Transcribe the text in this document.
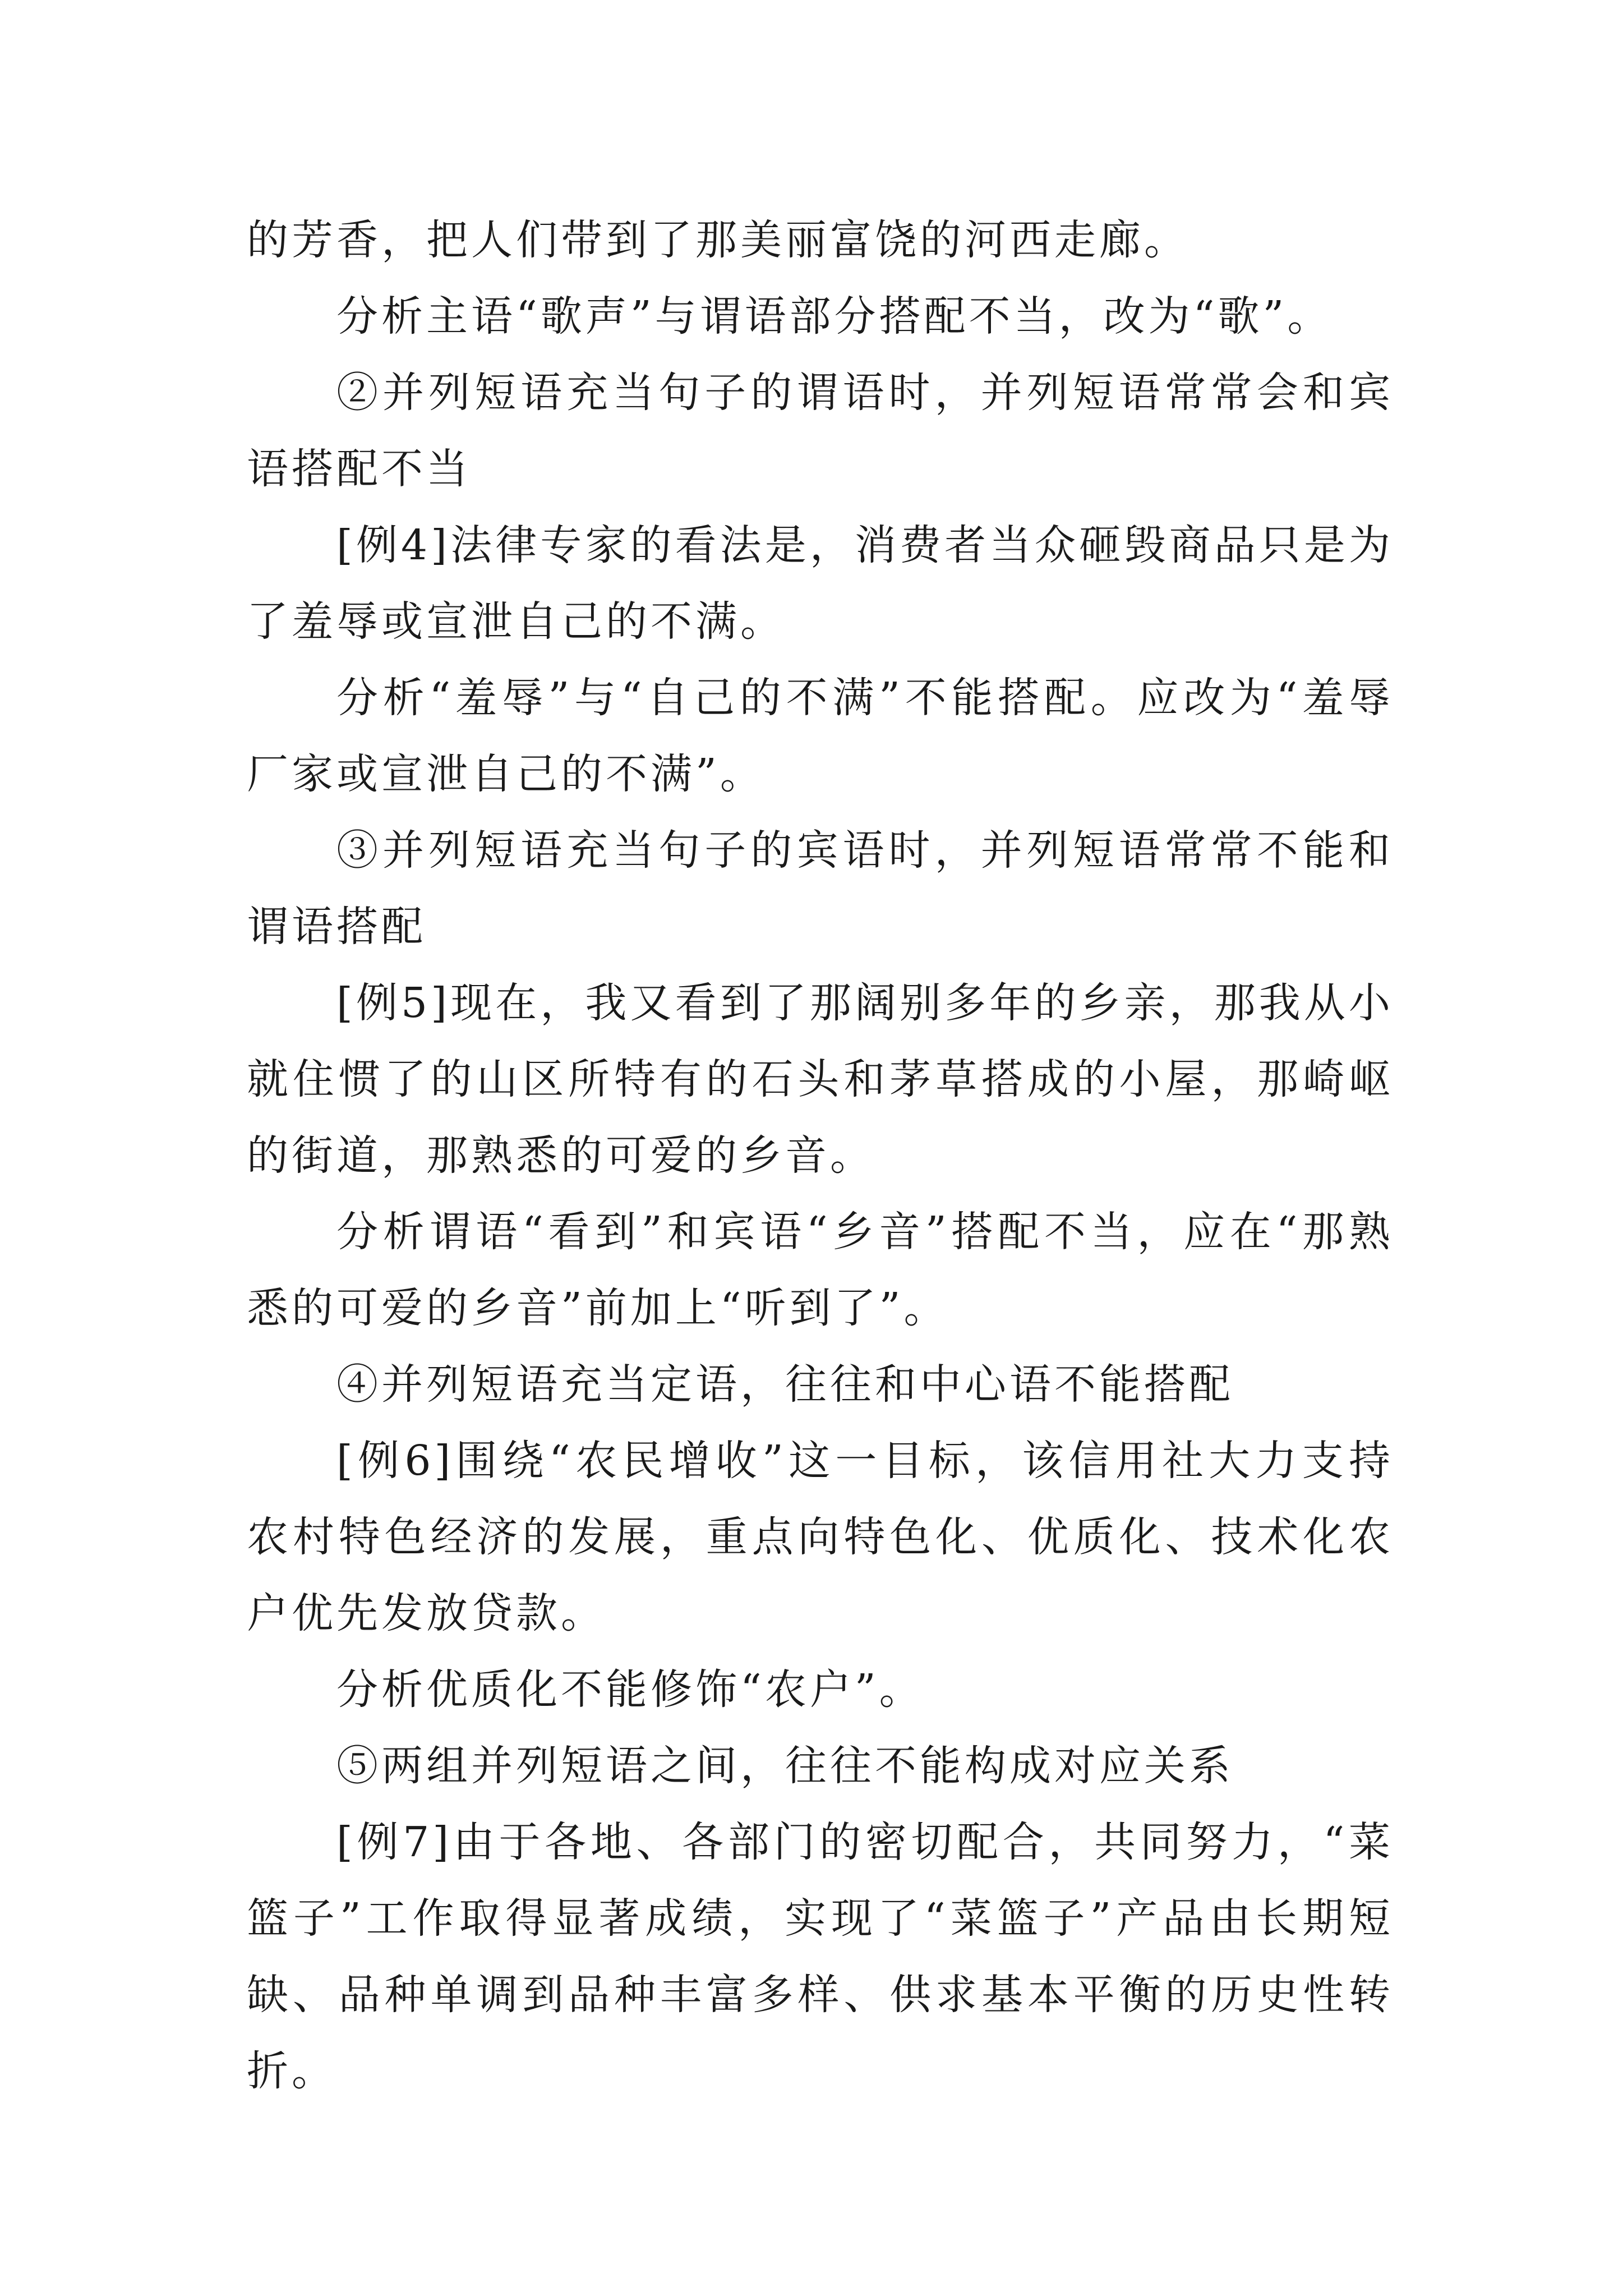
的芳香，把人们带到了那美丽富饶的河西走廊。

分析主语“歌声”与谓语部分搭配不当，改为“歌”。

②并列短语充当句子的谓语时，并列短语常常会和宾语搭配不当

[例4]法律专家的看法是，消费者当众砸毁商品只是为了羞辱或宣泄自己的不满。

分析“羞辱”与“自己的不满”不能搭配。应改为“羞辱厂家或宣泄自己的不满”。

③并列短语充当句子的宾语时，并列短语常常不能和谓语搭配

[例5]现在，我又看到了那阔别多年的乡亲，那我从小就住惯了的山区所特有的石头和茅草搭成的小屋，那崎岖的街道，那熟悉的可爱的乡音。

分析谓语“看到”和宾语“乡音”搭配不当，应在“那熟悉的可爱的乡音”前加上“听到了”。

④并列短语充当定语，往往和中心语不能搭配

[例6]围绕“农民增收”这一目标，该信用社大力支持农村特色经济的发展，重点向特色化、优质化、技术化农户优先发放贷款。

分析优质化不能修饰“农户”。

⑤两组并列短语之间，往往不能构成对应关系

[例7]由于各地、各部门的密切配合，共同努力，“菜篮子”工作取得显著成绩，实现了“菜篮子”产品由长期短缺、品种单调到品种丰富多样、供求基本平衡的历史性转折。
